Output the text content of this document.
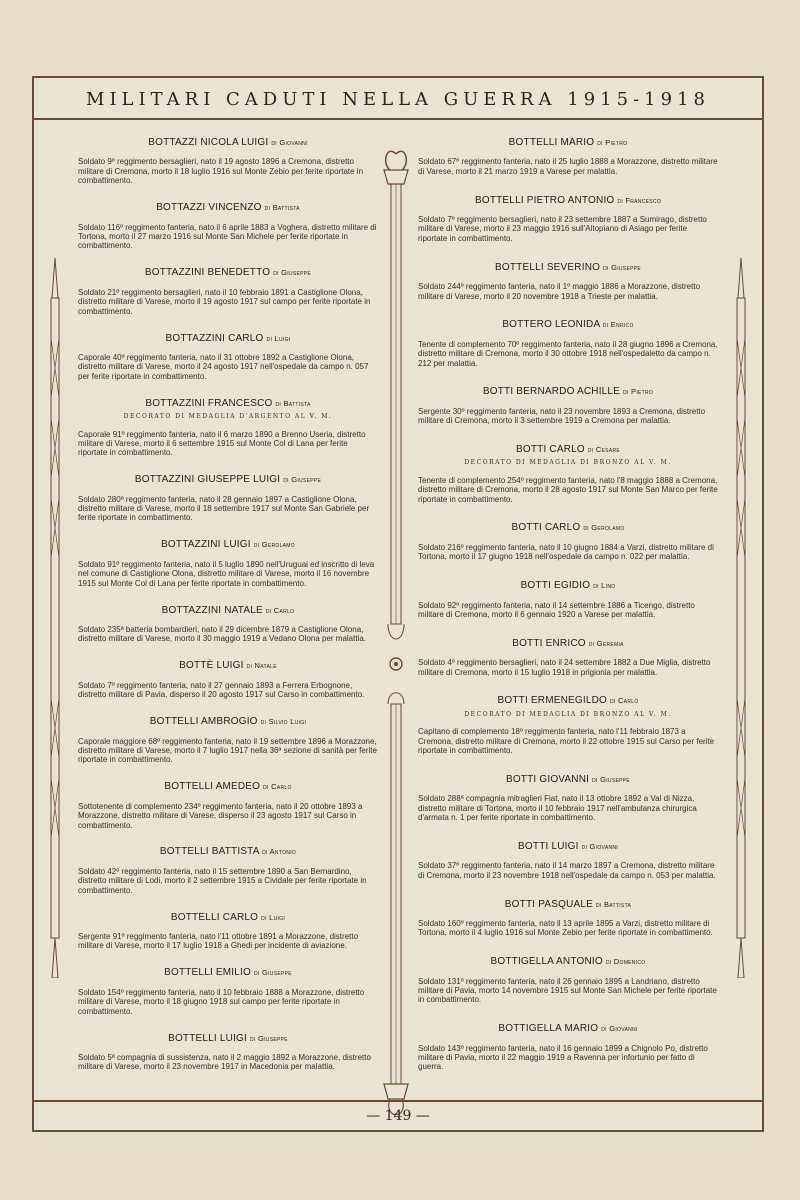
MILITARI CADUTI NELLA GUERRA 1915-1918
BOTTAZZI NICOLA LUIGI di Giovanni
Soldato 9º reggimento bersaglieri, nato il 19 agosto 1896 a Cremona, distretto militare di Cremona, morto il 18 luglio 1916 sul Monte Zebio per ferite riportate in combattimento.
BOTTAZZI VINCENZO di Battista
Soldato 116º reggimento fanteria, nato il 6 aprile 1883 a Voghera, distretto militare di Tortona, morto il 27 marzo 1916 sul Monte San Michele per ferite riportate in combattimento.
BOTTAZZINI BENEDETTO di Giuseppe
Soldato 21º reggimento bersaglieri, nato il 10 febbraio 1891 a Castiglione Olona, distretto militare di Varese, morto il 19 agosto 1917 sul campo per ferite riportate in combattimento.
BOTTAZZINI CARLO di Luigi
Caporale 40º reggimento fanteria, nato il 31 ottobre 1892 a Castiglione Olona, distretto militare di Varese, morto il 24 agosto 1917 nell'ospedale da campo n. 057 per ferite riportate in combattimento.
BOTTAZZINI FRANCESCO di Battista
DECORATO DI MEDAGLIA D'ARGENTO AL V. M.
Caporale 91º reggimento fanteria, nato il 6 marzo 1890 a Brenno Useria, distretto militare di Varese, morto il 6 settembre 1915 sul Monte Col di Lana per ferite riportate in combattimento.
BOTTAZZINI GIUSEPPE LUIGI di Giuseppe
Soldato 280º reggimento fanteria, nato il 28 gennaio 1897 a Castiglione Olona, distretto militare di Varese, morto il 18 settembre 1917 sul Monte San Gabriele per ferite riportate in combattimento.
BOTTAZZINI LUIGI di Gerolamo
Soldato 91º reggimento fanteria, nato il 5 luglio 1890 nell'Uruguai ed inscritto di leva nel comune di Castiglione Olona, distretto militare di Varese, morto il 16 novembre 1915 sul Monte Col di Lana per ferite riportate in combattimento.
BOTTAZZINI NATALE di Carlo
Soldato 235ª batteria bombardieri, nato il 29 dicembre 1879 a Castiglione Olona, distretto militare di Varese, morto il 30 maggio 1919 a Vedano Olona per malattia.
BOTTÈ LUIGI di Natale
Soldato 7º reggimento fanteria, nato il 27 gennaio 1893 a Ferrera Erbognone, distretto militare di Pavia, disperso il 20 agosto 1917 sul Carso in combattimento.
BOTTELLI AMBROGIO di Silvio Luigi
Caporale maggiore 68º reggimento fanteria, nato il 19 settembre 1896 a Morazzone, distretto militare di Varese, morto il 7 luglio 1917 nella 36ª sezione di sanità per ferite riportate in combattimento.
BOTTELLI AMEDEO di Carlo
Sottotenente di complemento 234º reggimento fanteria, nato il 20 ottobre 1893 a Morazzone, distretto militare di Varese, disperso il 23 agosto 1917 sul Carso in combattimento.
BOTTELLI BATTISTA di Antonio
Soldato 42º reggimento fanteria, nato il 15 settembre 1890 a San Bernardino, distretto militare di Lodi, morto il 2 settembre 1915 a Cividale per ferite riportate in combattimento.
BOTTELLI CARLO di Luigi
Sergente 91º reggimento fanteria, nato l'11 ottobre 1891 a Morazzone, distretto militare di Varese, morto il 17 luglio 1918 a Ghedi per incidente di aviazione.
BOTTELLI EMILIO di Giuseppe
Soldato 154º reggimento fanteria, nato il 10 febbraio 1888 a Morazzone, distretto militare di Varese, morto il 18 giugno 1918 sul campo per ferite riportate in combattimento.
BOTTELLI LUIGI di Giuseppe
Soldato 5ª compagnia di sussistenza, nato il 2 maggio 1892 a Morazzone, distretto militare di Varese, morto il 23 novembre 1917 in Macedonia per malattia.
BOTTELLI MARIO di Pietro
Soldato 67º reggimento fanteria, nato il 25 luglio 1888 a Morazzone, distretto militare di Varese, morto il 21 marzo 1919 a Varese per malattia.
BOTTELLI PIETRO ANTONIO di Francesco
Soldato 7º reggimento bersaglieri, nato il 23 settembre 1887 a Sumirago, distretto militare di Varese, morto il 23 maggio 1916 sull'Altopiano di Asiago per ferite riportate in combattimento.
BOTTELLI SEVERINO di Giuseppe
Soldato 244º reggimento fanteria, nato il 1º maggio 1886 a Morazzone, distretto militare di Varese, morto il 20 novembre 1918 a Trieste per malattia.
BOTTERO LEONIDA di Enrico
Tenente di complemento 70º reggimento fanteria, nato il 28 giugno 1896 a Cremona, distretto militare di Cremona, morto il 30 ottobre 1918 nell'ospedaletto da campo n. 212 per malattia.
BOTTI BERNARDO ACHILLE di Pietro
Sergente 30º reggimento fanteria, nato il 23 novembre 1893 a Cremona, distretto militare di Cremona, morto il 3 settembre 1919 a Cremona per malattia.
BOTTI CARLO di Cesare
DECORATO DI MEDAGLIA DI BRONZO AL V. M.
Tenente di complemento 254º reggimento fanteria, nato l'8 maggio 1888 a Cremona, distretto militare di Cremona, morto il 28 agosto 1917 sul Monte San Marco per ferite riportate in combattimento.
BOTTI CARLO di Gerolamo
Soldato 216º reggimento fanteria, nato il 10 giugno 1884 a Varzi, distretto militare di Tortona, morto il 17 giugno 1918 nell'ospedale da campo n. 022 per malattia.
BOTTI EGIDIO di Lino
Soldato 92º reggimento fanteria, nato il 14 settembre 1886 a Ticengo, distretto militare di Cremona, morto il 6 gennaio 1920 a Varese per malattia.
BOTTI ENRICO di Geremia
Soldato 4º reggimento bersaglieri, nato il 24 settembre 1882 a Due Miglia, distretto militare di Cremona, morto il 15 luglio 1918 in prigionia per malattia.
BOTTI ERMENEGILDO di Carlo
DECORATO DI MEDAGLIA DI BRONZO AL V. M.
Capitano di complemento 18º reggimento fanteria, nato l'11 febbraio 1873 a Cremona, distretto militare di Cremona, morto il 22 ottobre 1915 sul Carso per ferite riportate in combattimento.
BOTTI GIOVANNI di Giuseppe
Soldato 288ª compagnia mitraglieri Fiat, nato il 13 ottobre 1892 a Val di Nizza, distretto militare di Tortona, morto il 10 febbraio 1917 nell'ambulanza chirurgica d'armata n. 1 per ferite riportate in combattimento.
BOTTI LUIGI di Giovanni
Soldato 37º reggimento fanteria, nato il 14 marzo 1897 a Cremona, distretto militare di Cremona, morto il 23 novembre 1918 nell'ospedale da campo n. 053 per malattia.
BOTTI PASQUALE di Battista
Soldato 160º reggimento fanteria, nato il 13 aprile 1895 a Varzi, distretto militare di Tortona, morto il 4 luglio 1916 sul Monte Zebio per ferite riportate in combattimento.
BOTTIGELLA ANTONIO di Domenico
Soldato 131º reggimento fanteria, nato il 26 gennaio 1895 a Landriano, distretto militare di Pavia, morto 14 novembre 1915 sul Monte San Michele per ferite riportate in combattimento.
BOTTIGELLA MARIO di Giovanni
Soldato 143º reggimento fanteria, nato il 16 gennaio 1899 a Chignolo Po, distretto militare di Pavia, morto il 22 maggio 1919 a Ravenna per infortunio per fatto di guerra.
— 149 —
